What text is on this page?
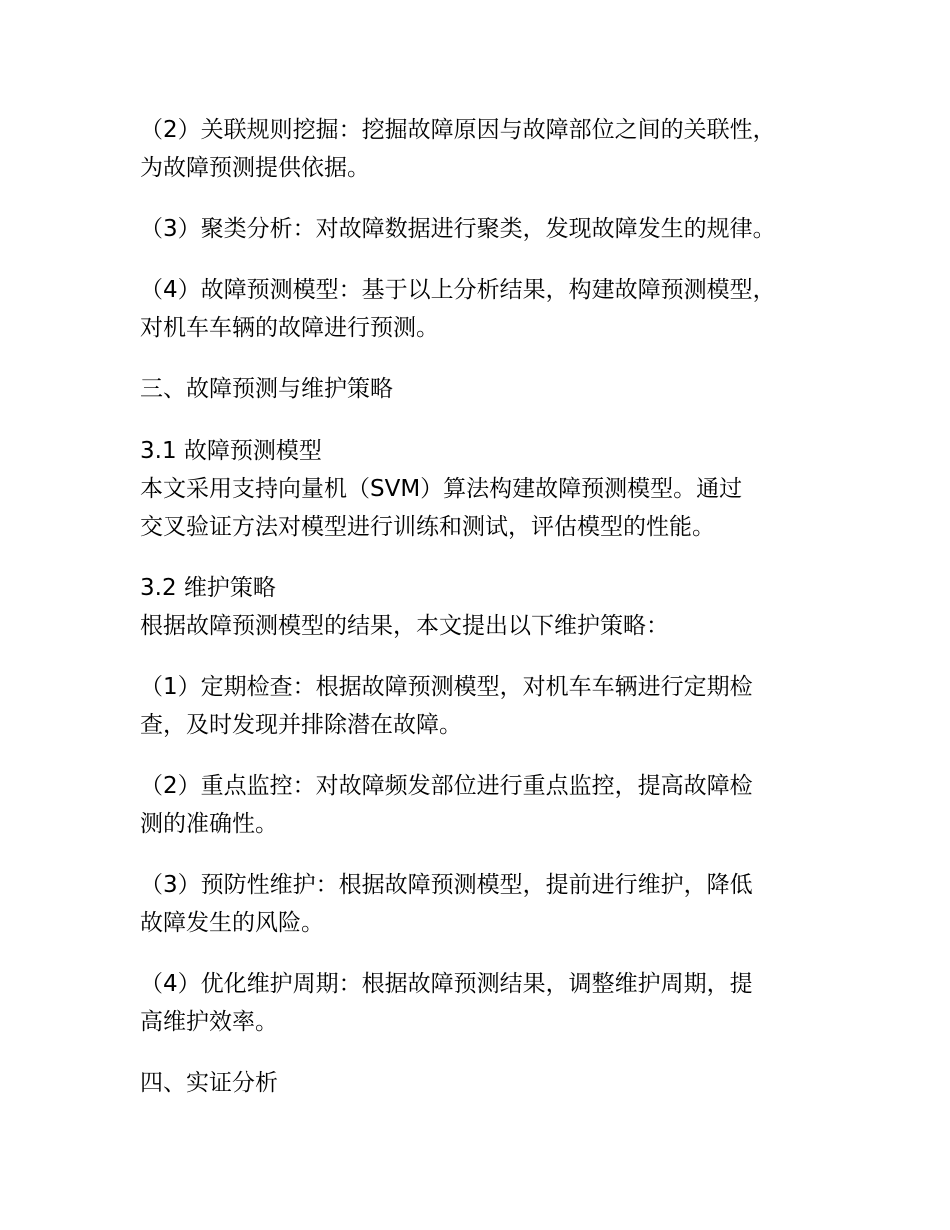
（2）关联规则挖掘：挖掘故障原因与故障部位之间的关联性，
为故障预测提供依据。

（3）聚类分析：对故障数据进行聚类，发现故障发生的规律。

（4）故障预测模型：基于以上分析结果，构建故障预测模型，
对机车车辆的故障进行预测。

三、故障预测与维护策略
3.1 故障预测模型

本文采用支持向量机（SVM）算法构建故障预测模型。通过
交叉验证方法对模型进行训练和测试，评估模型的性能。

3.2 维护策略

根据故障预测模型的结果，本文提出以下维护策略：

（1）定期检查：根据故障预测模型，对机车车辆进行定期检
查，及时发现并排除潜在故障。

（2）重点监控：对故障频发部位进行重点监控，提高故障检
测的准确性。

（3）预防性维护：根据故障预测模型，提前进行维护，降低
故障发生的风险。

（4）优化维护周期：根据故障预测结果，调整维护周期，提
高维护效率。

四、实证分析
